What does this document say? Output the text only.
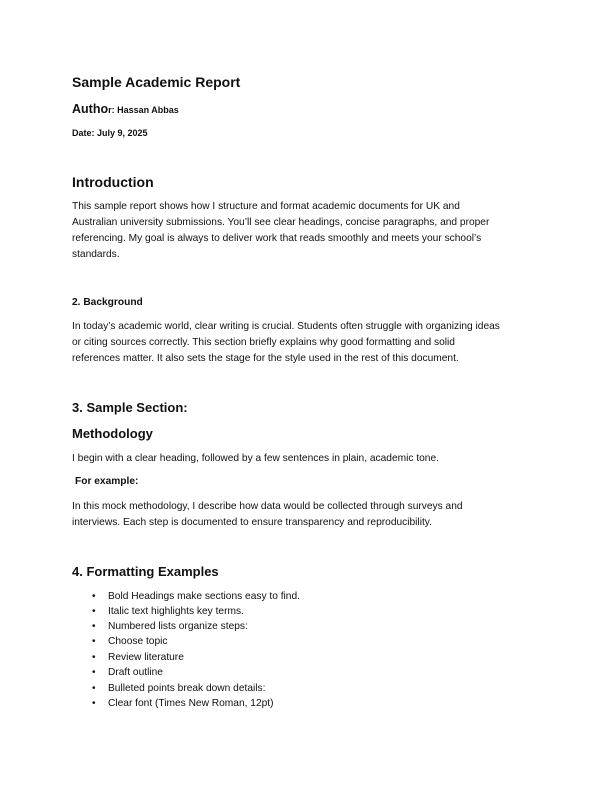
Sample Academic Report
Author: Hassan Abbas
Date: July 9, 2025
Introduction
This sample report shows how I structure and format academic documents for UK and
Australian university submissions. You’ll see clear headings, concise paragraphs, and proper
referencing. My goal is always to deliver work that reads smoothly and meets your school’s
standards.
2. Background
In today’s academic world, clear writing is crucial. Students often struggle with organizing ideas
or citing sources correctly. This section briefly explains why good formatting and solid
references matter. It also sets the stage for the style used in the rest of this document.
3. Sample Section:
Methodology
I begin with a clear heading, followed by a few sentences in plain, academic tone.
For example:
In this mock methodology, I describe how data would be collected through surveys and
interviews. Each step is documented to ensure transparency and reproducibility.
4. Formatting Examples
• Bold Headings make sections easy to find.
• Italic text highlights key terms.
• Numbered lists organize steps:
• Choose topic
• Review literature
• Draft outline
• Bulleted points break down details:
• Clear font (Times New Roman, 12pt)
